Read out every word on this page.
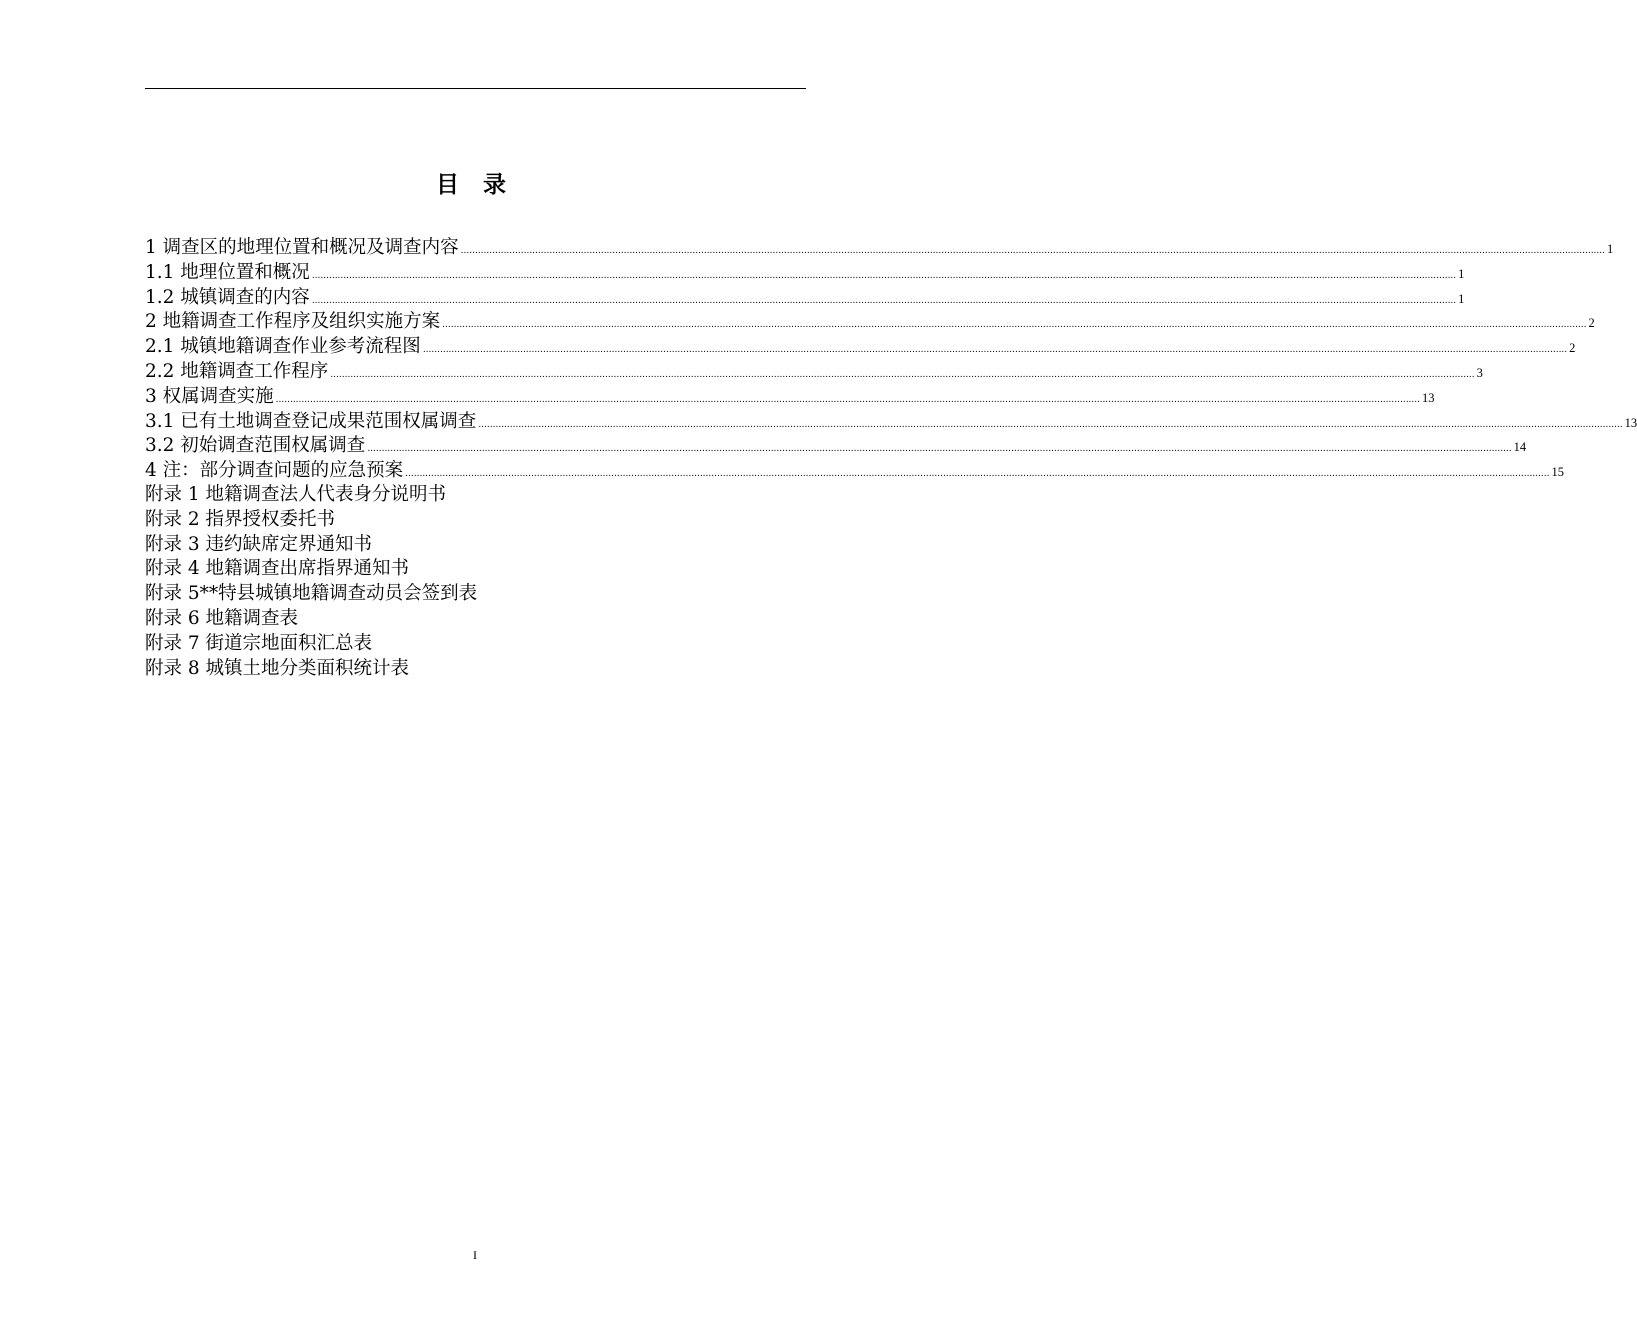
目 录
1 调查区的地理位置和概况及调查内容 ................................................................................................................................................................................................................................................................................................................................................................................................................ 1
1.1 地理位置和概况 ................................................................................................................................................................................................................................................................................................................................................................................................................ 1
1.2 城镇调查的内容 ................................................................................................................................................................................................................................................................................................................................................................................................................ 1
2 地籍调查工作程序及组织实施方案 ................................................................................................................................................................................................................................................................................................................................................................................................................ 2
2.1 城镇地籍调查作业参考流程图 ................................................................................................................................................................................................................................................................................................................................................................................................................ 2
2.2 地籍调查工作程序 ................................................................................................................................................................................................................................................................................................................................................................................................................ 3
3 权属调查实施 ................................................................................................................................................................................................................................................................................................................................................................................................................ 13
3.1 已有土地调查登记成果范围权属调查 ................................................................................................................................................................................................................................................................................................................................................................................................................ 13
3.2 初始调查范围权属调查 ................................................................................................................................................................................................................................................................................................................................................................................................................ 14
4 注：部分调查问题的应急预案 ................................................................................................................................................................................................................................................................................................................................................................................................................ 15
附录 1 地籍调查法人代表身分说明书
附录 2 指界授权委托书
附录 3 违约缺席定界通知书
附录 4 地籍调查出席指界通知书
附录 5**特县城镇地籍调查动员会签到表
附录 6 地籍调查表
附录 7 街道宗地面积汇总表
附录 8 城镇土地分类面积统计表
I
